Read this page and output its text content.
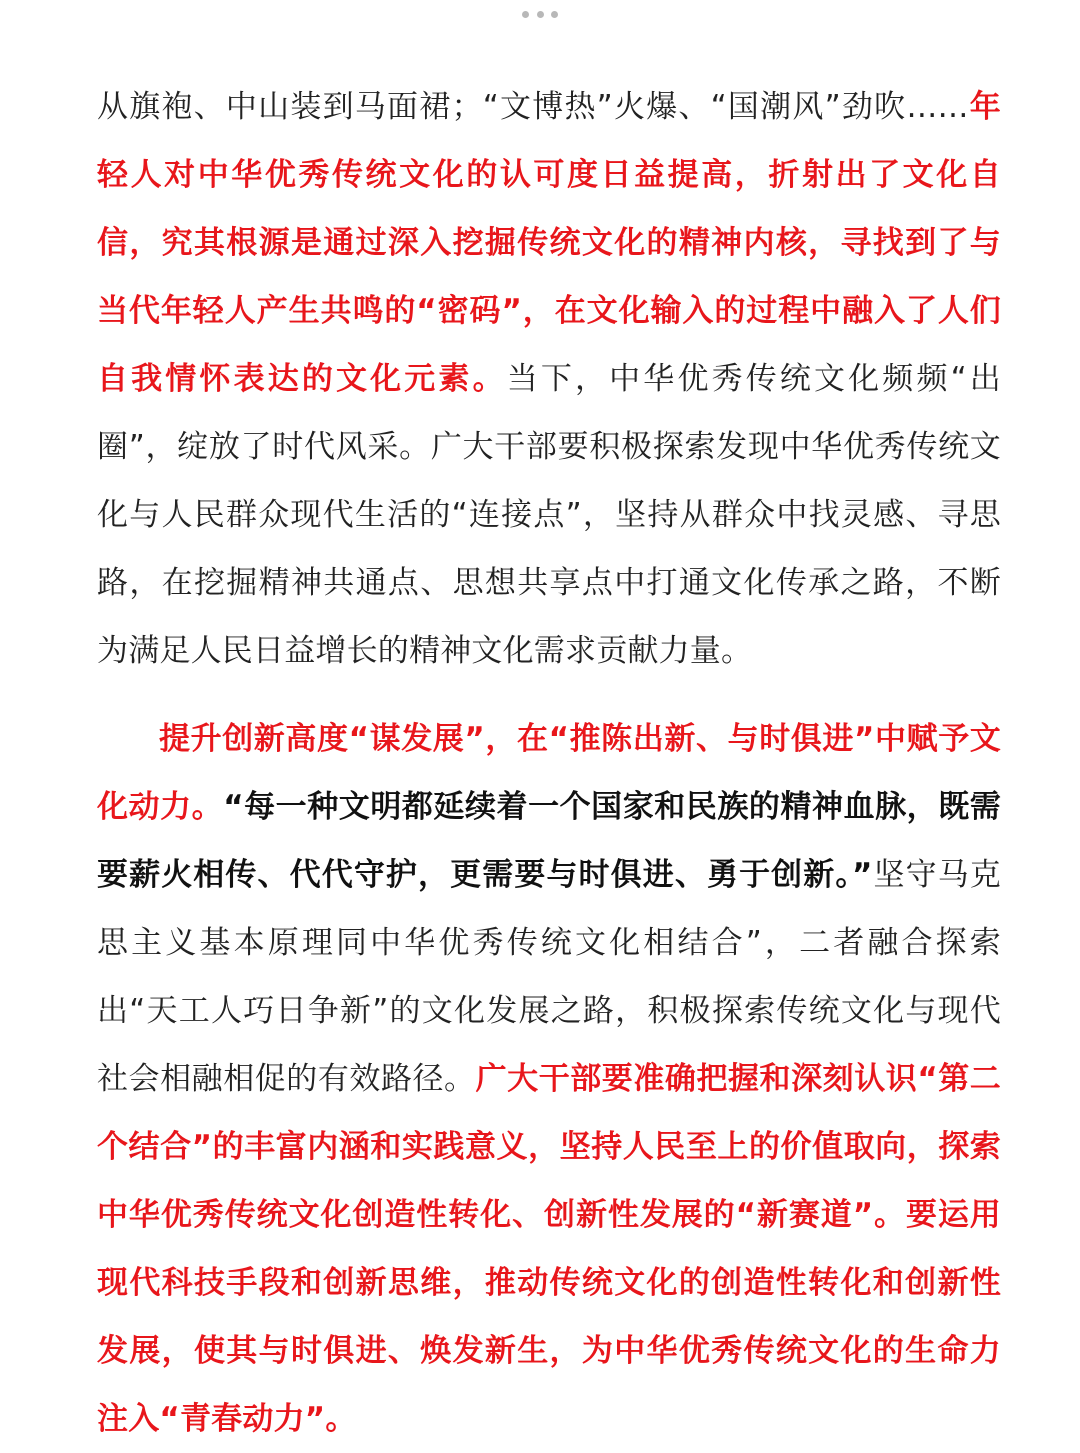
从旗袍、中山装到马面裙；“文博热”火爆、“国潮风”劲吹……年轻人对中华优秀传统文化的认可度日益提高，折射出了文化自信，究其根源是通过深入挖掘传统文化的精神内核，寻找到了与当代年轻人产生共鸣的“密码”，在文化输入的过程中融入了人们自我情怀表达的文化元素。当下，中华优秀传统文化频频“出圈”，绽放了时代风采。广大干部要积极探索发现中华优秀传统文化与人民群众现代生活的“连接点”，坚持从群众中找灵感、寻思路，在挖掘精神共通点、思想共享点中打通文化传承之路，不断为满足人民日益增长的精神文化需求贡献力量。

提升创新高度“谋发展”，在“推陈出新、与时俱进”中赋予文化动力。“每一种文明都延续着一个国家和民族的精神血脉，既需要薪火相传、代代守护，更需要与时俱进、勇于创新。”坚守马克思主义基本原理同中华优秀传统文化相结合”，二者融合探索出“天工人巧日争新”的文化发展之路，积极探索传统文化与现代社会相融相促的有效路径。广大干部要准确把握和深刻认识“第二个结合”的丰富内涵和实践意义，坚持人民至上的价值取向，探索中华优秀传统文化创造性转化、创新性发展的“新赛道”。要运用现代科技手段和创新思维，推动传统文化的创造性转化和创新性发展，使其与时俱进、焕发新生，为中华优秀传统文化的生命力注入“青春动力”。
